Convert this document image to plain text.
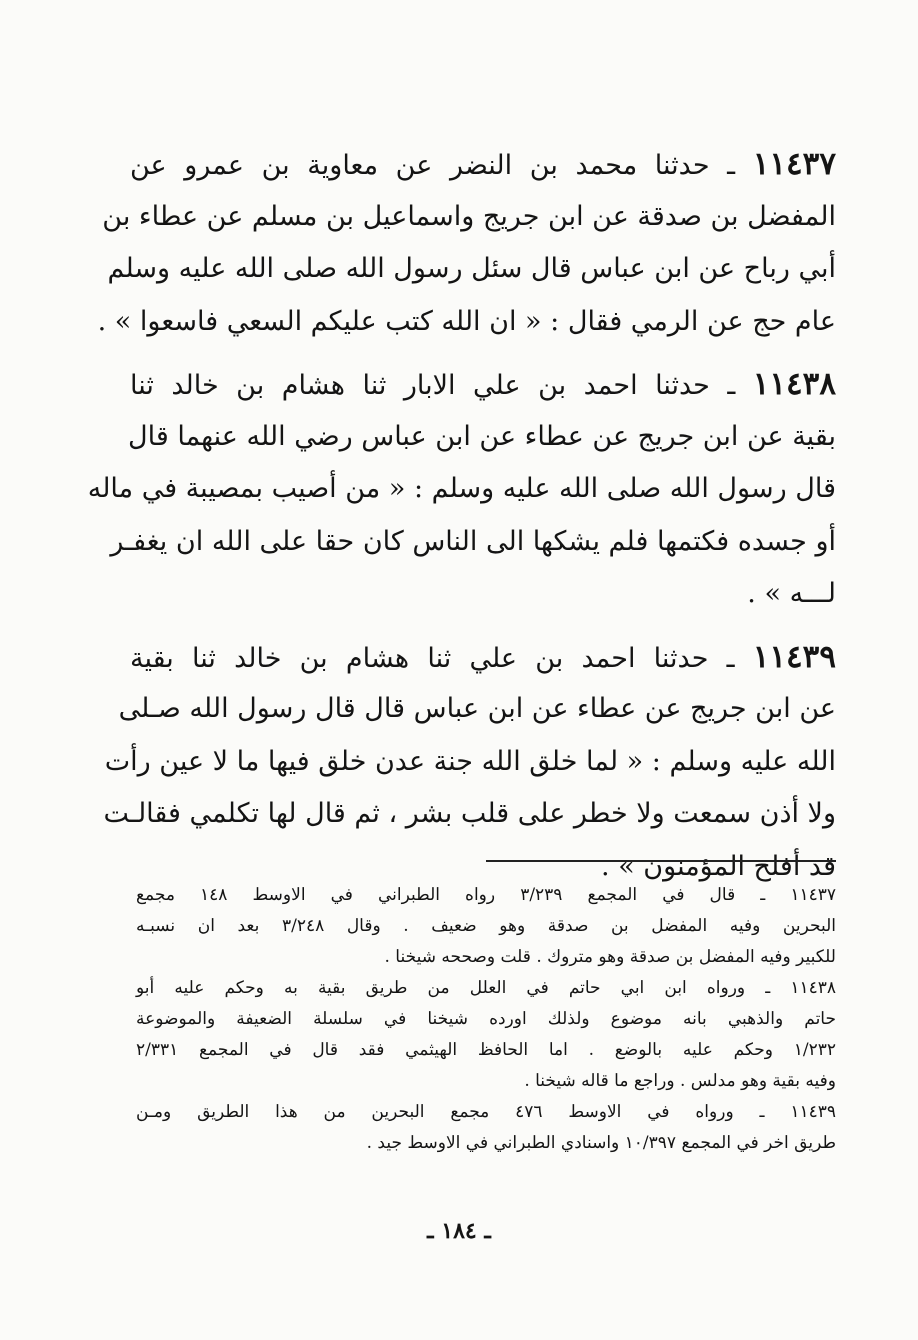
١١٤٣٧ ـ حدثنا محمد بن النضر عن معاوية بن عمرو عن
المفضل بن صدقة عن ابن جريج واسماعيل بن مسلم عن عطاء بن
أبي رباح عن ابن عباس قال سئل رسول الله صلى الله عليه وسلم
عام حج عن الرمي فقال : « ان الله كتب عليكم السعي فاسعوا » .
١١٤٣٨ ـ حدثنا احمد بن علي الابار ثنا هشام بن خالد ثنا
بقية عن ابن جريج عن عطاء عن ابن عباس رضي الله عنهما قال
قال رسول الله صلى الله عليه وسلم : « من أصيب بمصيبة في ماله
أو جسده فكتمها فلم يشكها الى الناس كان حقا على الله ان يغفـر
لـــه » .
١١٤٣٩ ـ حدثنا احمد بن علي ثنا هشام بن خالد ثنا بقية
عن ابن جريج عن عطاء عن ابن عباس قال قال رسول الله صـلى
الله عليه وسلم : « لما خلق الله جنة عدن خلق فيها ما لا عين رأت
ولا أذن سمعت ولا خطر على قلب بشر ، ثم قال لها تكلمي فقالـت
قد أفلح المؤمنون » .
١١٤٣٧ ـ قال في المجمع ٣/٢٣٩ رواه الطبراني في الاوسط ١٤٨ مجمع
البحرين وفيه المفضل بن صدقة وهو ضعيف . وقال ٣/٢٤٨ بعد ان نسبـه
للكبير وفيه المفضل بن صدقة وهو متروك . قلت وصححه شيخنا .
١١٤٣٨ ـ ورواه ابن ابي حاتم في العلل من طريق بقية به وحكم عليه أبو
حاتم والذهبي بانه موضوع ولذلك اورده شيخنا في سلسلة الضعيفة والموضوعة
١/٢٣٢ وحكم عليه بالوضع . اما الحافظ الهيثمي فقد قال في المجمع ٢/٣٣١
وفيه بقية وهو مدلس . وراجع ما قاله شيخنا .
١١٤٣٩ ـ ورواه في الاوسط ٤٧٦ مجمع البحرين من هذا الطريق ومـن
طريق اخر في المجمع ١٠/٣٩٧ واسنادي الطبراني في الاوسط جيد .
ـ ١٨٤ ـ
